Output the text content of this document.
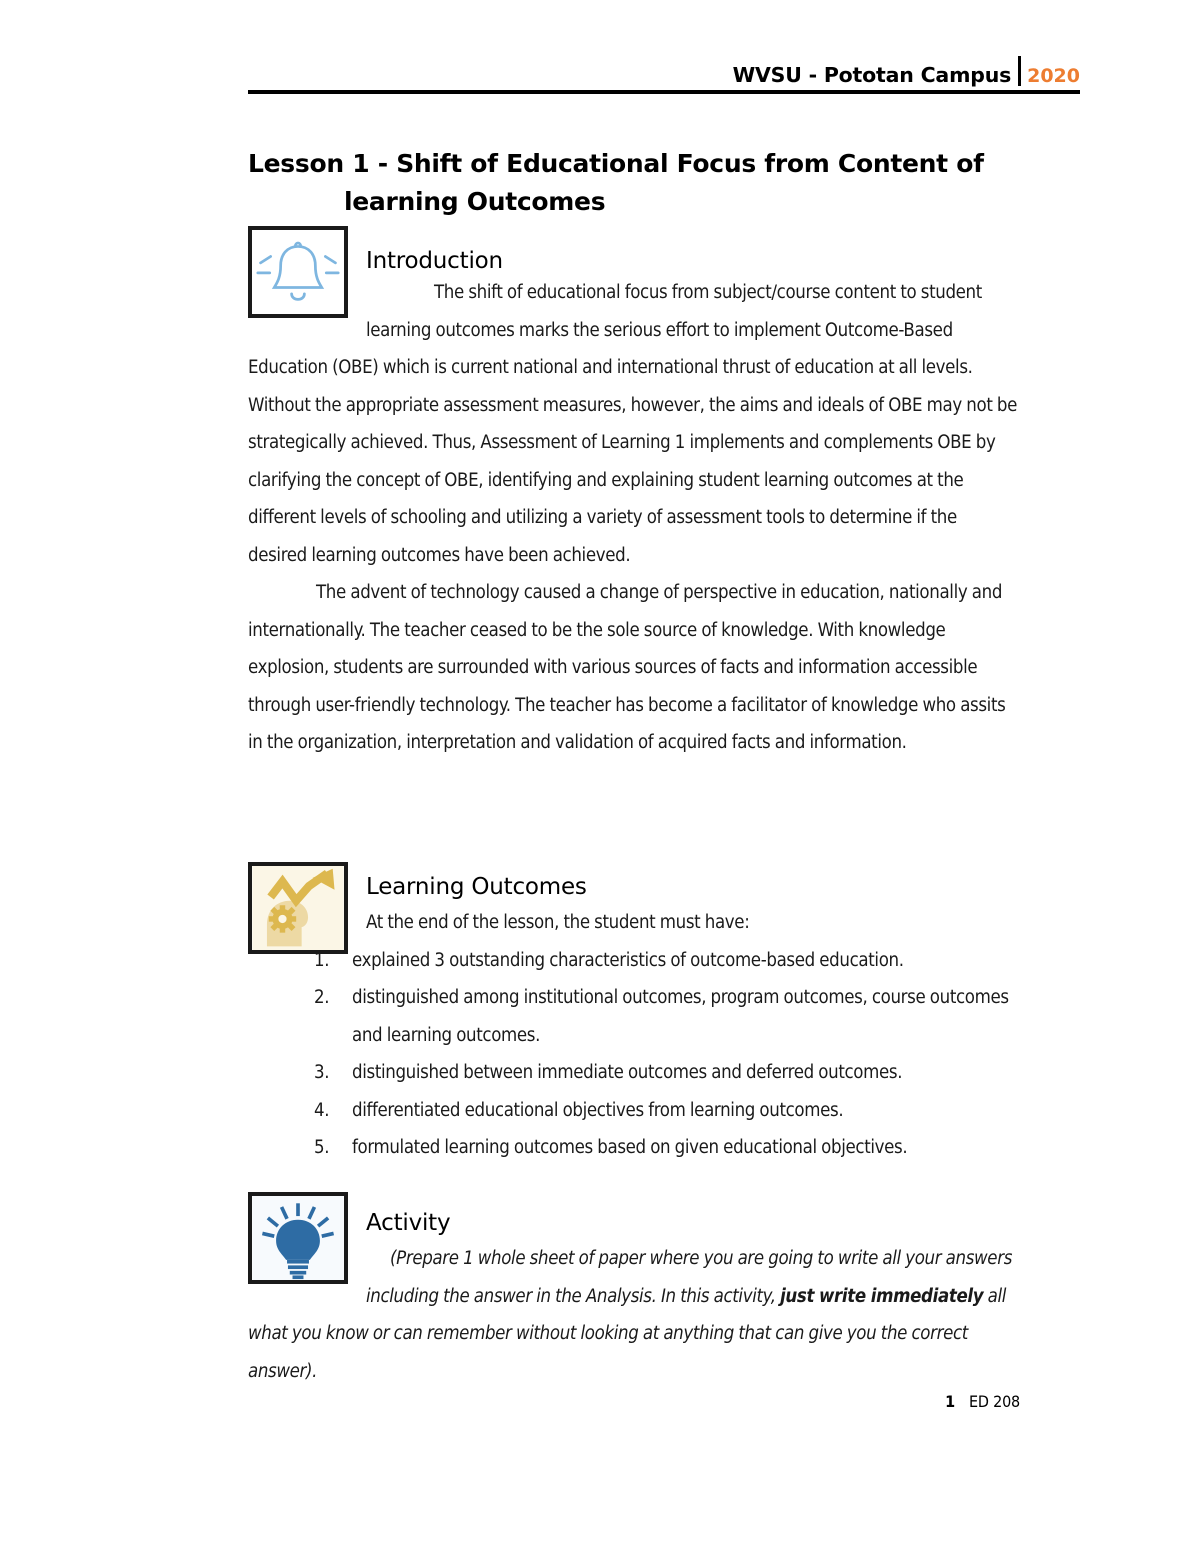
WVSU - Pototan Campus 2020
Lesson 1 - Shift of Educational Focus from Content of
learning Outcomes
Introduction
The shift of educational focus from subject/course content to student learning outcomes marks the serious effort to implement Outcome-Based Education (OBE) which is current national and international thrust of education at all levels. Without the appropriate assessment measures, however, the aims and ideals of OBE may not be strategically achieved. Thus, Assessment of Learning 1 implements and complements OBE by clarifying the concept of OBE, identifying and explaining student learning outcomes at the different levels of schooling and utilizing a variety of assessment tools to determine if the desired learning outcomes have been achieved.
The advent of technology caused a change of perspective in education, nationally and internationally. The teacher ceased to be the sole source of knowledge. With knowledge explosion, students are surrounded with various sources of facts and information accessible through user-friendly technology. The teacher has become a facilitator of knowledge who assits in the organization, interpretation and validation of acquired facts and information.
Learning Outcomes
At the end of the lesson, the student must have:
explained 3 outstanding characteristics of outcome-based education.
distinguished among institutional outcomes, program outcomes, course outcomes and learning outcomes.
distinguished between immediate outcomes and deferred outcomes.
differentiated educational objectives from learning outcomes.
formulated learning outcomes based on given educational objectives.
Activity
(Prepare 1 whole sheet of paper where you are going to write all your answers including the answer in the Analysis. In this activity, just write immediately all what you know or can remember without looking at anything that can give you the correct answer).
1 ED 208
